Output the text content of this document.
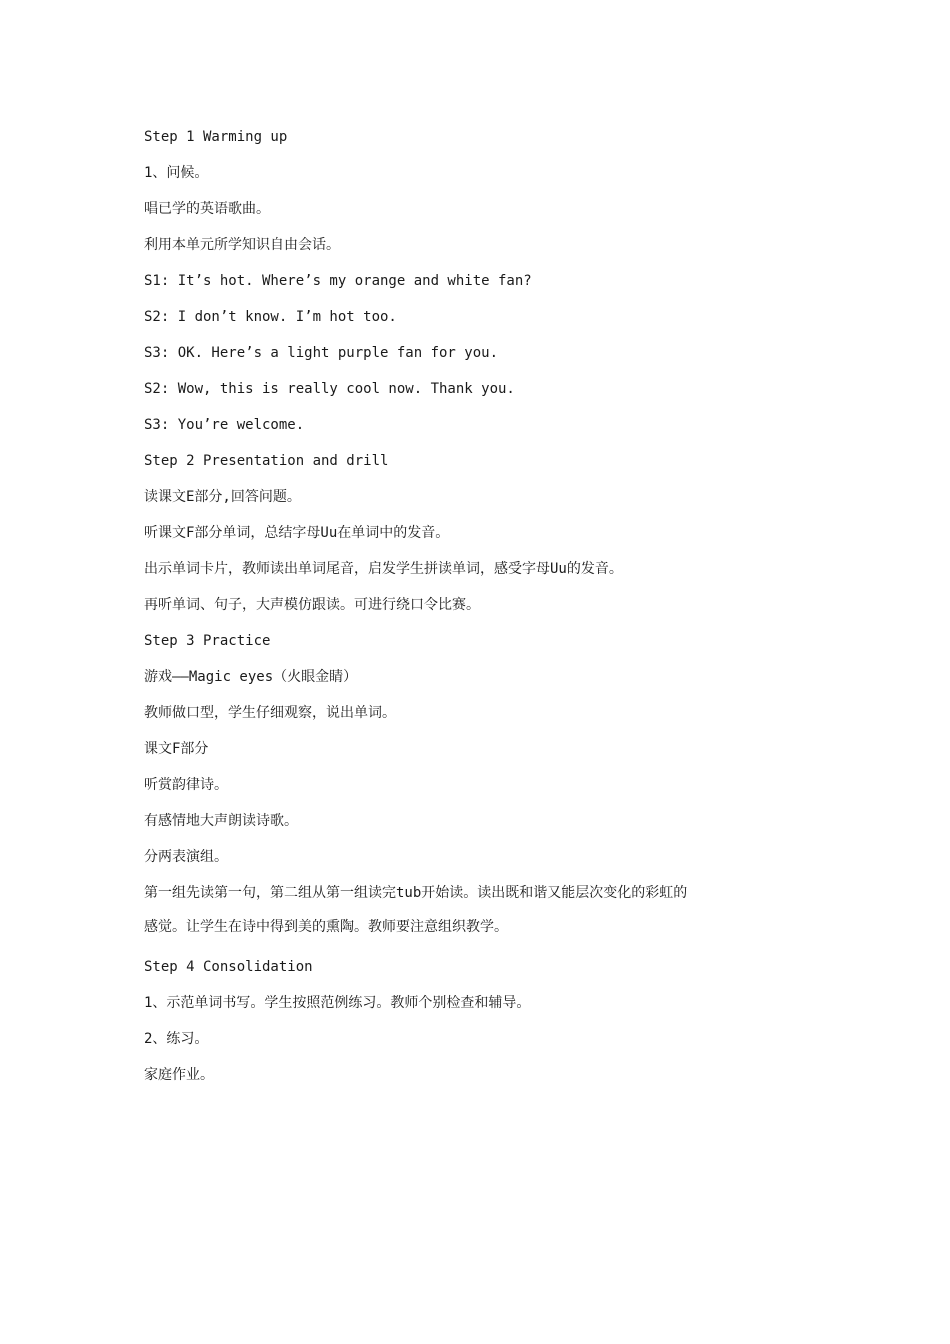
Step 1 Warming up
1、问候。
唱已学的英语歌曲。
利用本单元所学知识自由会话。
S1: It’s hot. Where’s my orange and white fan?
S2: I don’t know. I’m hot too.
S3: OK. Here’s a light purple fan for you.
S2: Wow, this is really cool now. Thank you.
S3: You’re welcome.
Step 2 Presentation and drill
读课文E部分,回答问题。
听课文F部分单词，总结字母Uu在单词中的发音。
出示单词卡片，教师读出单词尾音，启发学生拼读单词，感受字母Uu的发音。
再听单词、句子，大声模仿跟读。可进行绕口令比赛。
Step 3 Practice
游戏——Magic eyes（火眼金睛）
教师做口型，学生仔细观察，说出单词。
课文F部分
听赏韵律诗。
有感情地大声朗读诗歌。
分两表演组。
第一组先读第一句，第二组从第一组读完tub开始读。读出既和谐又能层次变化的彩虹的
感觉。让学生在诗中得到美的熏陶。教师要注意组织教学。
Step 4 Consolidation
1、示范单词书写。学生按照范例练习。教师个别检查和辅导。
2、练习。
家庭作业。
